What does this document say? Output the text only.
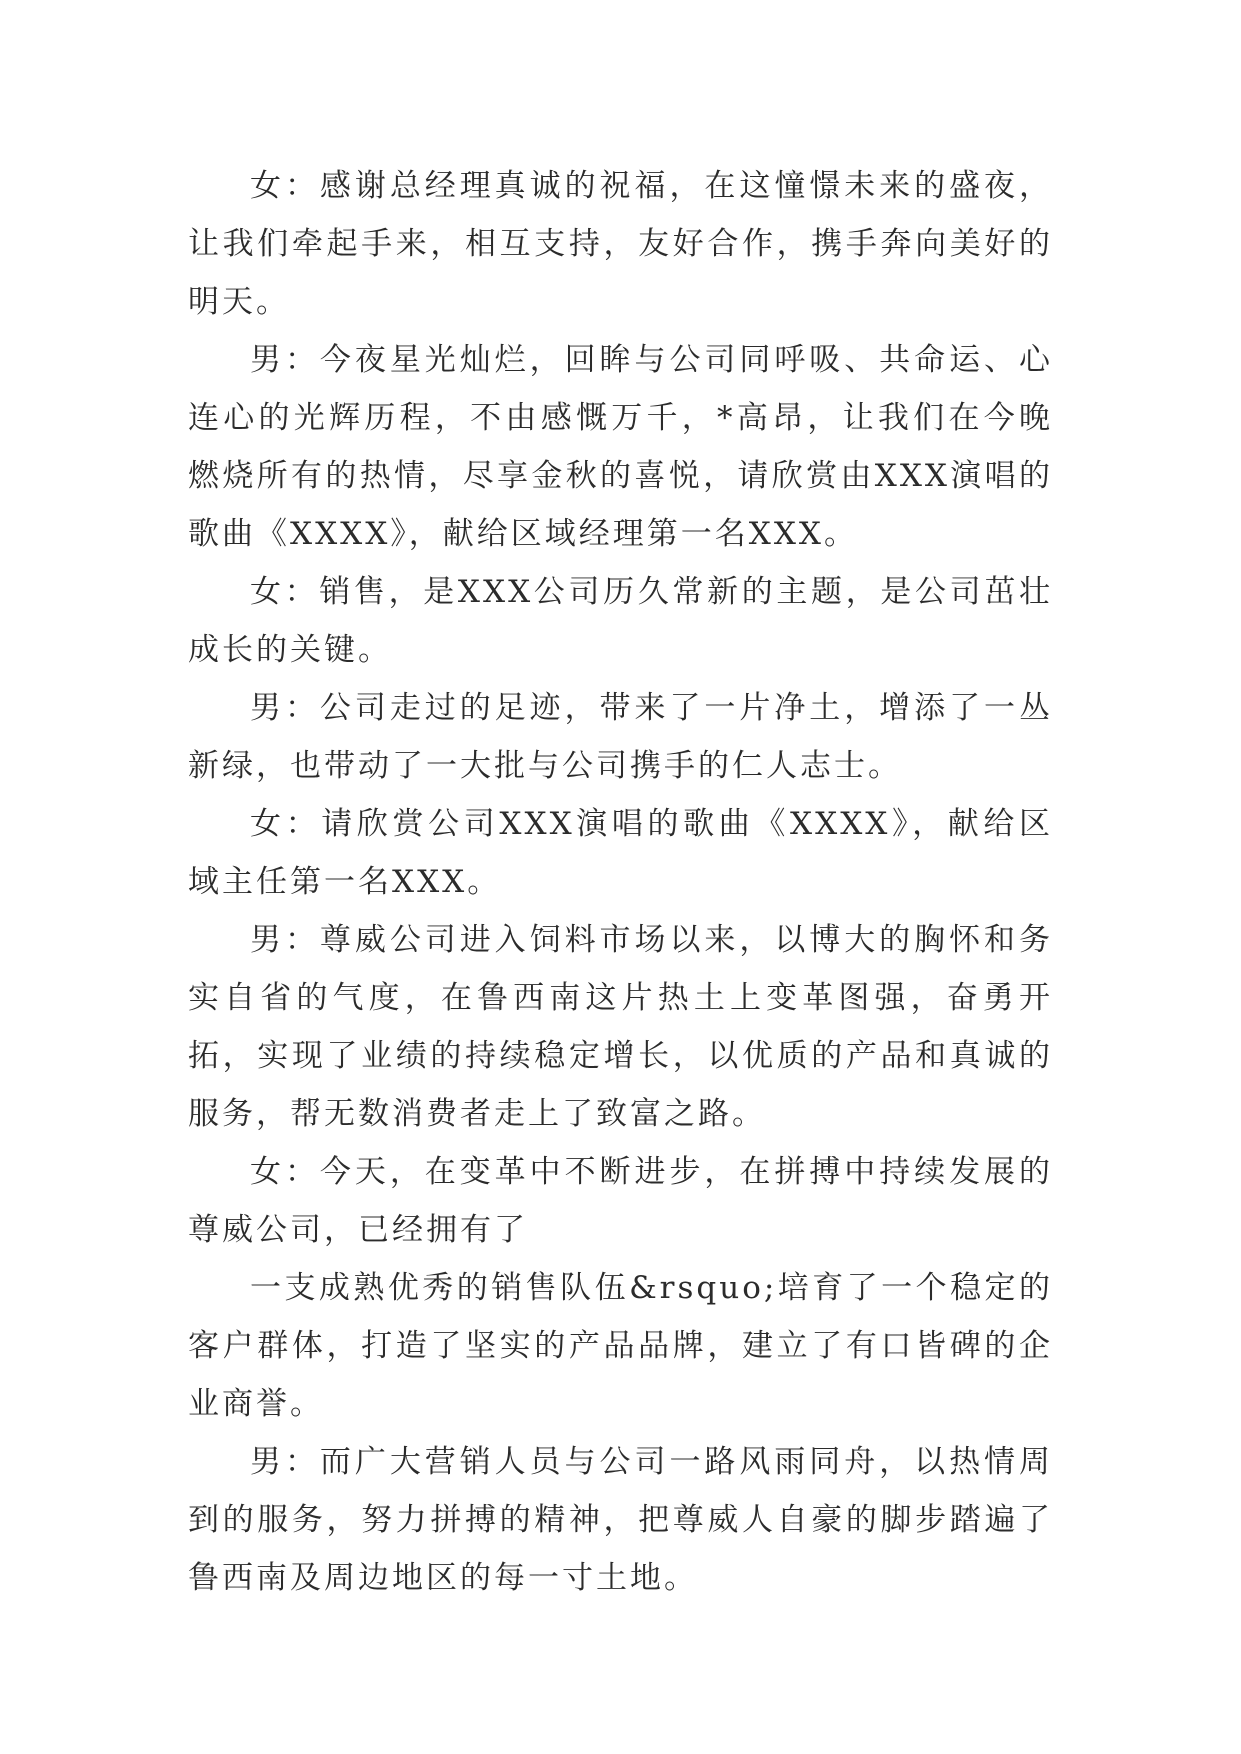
女：感谢总经理真诚的祝福，在这憧憬未来的盛夜，让我们牵起手来，相互支持，友好合作，携手奔向美好的明天。

男：今夜星光灿烂，回眸与公司同呼吸、共命运、心连心的光辉历程，不由感慨万千，*高昂，让我们在今晚燃烧所有的热情，尽享金秋的喜悦，请欣赏由XXX演唱的歌曲《XXXX》，献给区域经理第一名XXX。

女：销售，是XXX公司历久常新的主题，是公司茁壮成长的关键。

男：公司走过的足迹，带来了一片净土，增添了一丛新绿，也带动了一大批与公司携手的仁人志士。

女：请欣赏公司XXX演唱的歌曲《XXXX》，献给区域主任第一名XXX。

男：尊威公司进入饲料市场以来，以博大的胸怀和务实自省的气度，在鲁西南这片热土上变革图强，奋勇开拓，实现了业绩的持续稳定增长，以优质的产品和真诚的服务，帮无数消费者走上了致富之路。

女：今天，在变革中不断进步，在拼搏中持续发展的尊威公司，已经拥有了

一支成熟优秀的销售队伍&rsquo;培育了一个稳定的客户群体，打造了坚实的产品品牌，建立了有口皆碑的企业商誉。

男：而广大营销人员与公司一路风雨同舟，以热情周到的服务，努力拼搏的精神，把尊威人自豪的脚步踏遍了鲁西南及周边地区的每一寸土地。
